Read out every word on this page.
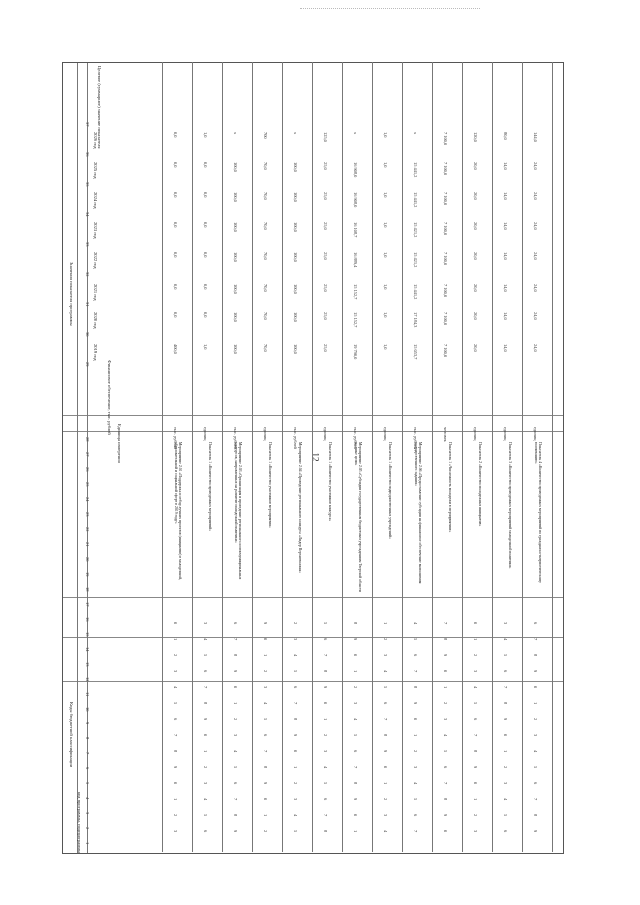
12
Коды бюджетной классификации
код программы, подпрограммы
Значения показателя программы
Финансовое обеспечение, тыс. рублей
Единица измерения
Целевое (суммарное) значение показателя
2019 год
2020 год
2021 год
2022 год
2023 год
2024 год
2025 год
2026 год
Мероприятие 2.01 «Поддержка и отбор лучших проектов (инициатив) в молодежной, образовательной и социальной сфере в 2019 году»
тыс. рублей
400,0
0,0
0,0
0,0
0,0
0,0
0,0
0,0
0
1
2
3
4
5
6
7
8
9
0
1
2
3
Показатель 1 «Количество проведенных мероприятий»
единиц
1,0
0,0
0,0
0,0
0,0
0,0
0,0
1,0
3
4
5
6
7
8
9
0
1
2
3
4
5
6
Мероприятие 2.03 «Организация и проведение регионального и межмуниципальных конкурсов, направленных на развитие молодежной политики»
тыс. рублей
100,0
100,0
100,0
100,0
100,0
100,0
100,0
х
6
7
8
9
0
1
2
3
4
5
6
7
8
9
Показатель 1 «Количество участников мероприятия»
единиц
70,0
70,0
70,0
70,0
70,0
70,0
70,0
700
9
0
1
2
3
4
5
6
7
8
9
0
1
2
Мероприятие 2.04 «Проведение регионального конкурса «Лидер Верхневолжья»
тыс. рублей
100,0
100,0
100,0
100,0
100,0
100,0
100,0
х
2
3
4
5
6
7
8
9
0
1
2
3
4
5
Показатель 1 «Количество участников конкурса»
единиц
25,0
25,0
25,0
25,0
25,0
25,0
25,0
125,0
5
6
7
8
9
0
1
2
3
4
5
6
7
8
Мероприятие 2.05 «Субсидии государственным бюджетным учреждениям Тверской области на иные цели»
тыс. рублей
19 790,0
15 152,7
15 152,7
16 889,4
16 108,7
16 908,0
16 908,0
х
8
9
0
1
2
3
4
5
6
7
8
9
0
1
Показатель 1 «Количество подведомственных учреждений»
единиц
1,0
1,0
1,0
1,0
1,0
1,0
1,0
1,0
1
2
3
4
5
6
7
8
9
0
1
2
3
4
Мероприятие 2.06 «Предоставление субсидии на финансовое обеспечение выполнения государственного задания»
тыс. рублей
15 053,7
17 184,3
15 441,2
15 421,2
15 421,2
15 441,2
15 441,2
х
4
5
6
7
8
9
0
1
2
3
4
5
6
7
Показатель 1 «Численность молодежи в мероприятиях»
человек
7 100,0
7 100,0
7 100,0
7 100,0
7 100,0
7 100,0
7 100,0
7 100,0
7
8
9
0
1
2
3
4
5
6
7
8
9
0
Показатель 2 «Количество молодежных инициатив»
единиц
20,0
20,0
20,0
20,0
20,0
20,0
20,0
120,0
0
1
2
3
4
5
6
7
8
9
0
1
2
3
Показатель 3 «Количество проведенных мероприятий молодежной политики»
единиц
14,0
14,0
14,0
14,0
14,0
14,0
14,0
80,0
3
4
5
6
7
8
9
0
1
2
3
4
5
6
Показатель 4 «Количество проведенных мероприятий по гражданско-патриотическому воспитанию»
единиц
24,0
24,0
24,0
24,0
24,0
24,0
24,0
144,0
6
7
8
9
0
1
2
3
4
5
6
7
8
9
1
2
3
4
5
6
7
8
9
10
11
12
13
14
15
16
17
18
19
20
21
22
23
24
25
26
27
28
29
30
31
32
33
34
35
36
37
